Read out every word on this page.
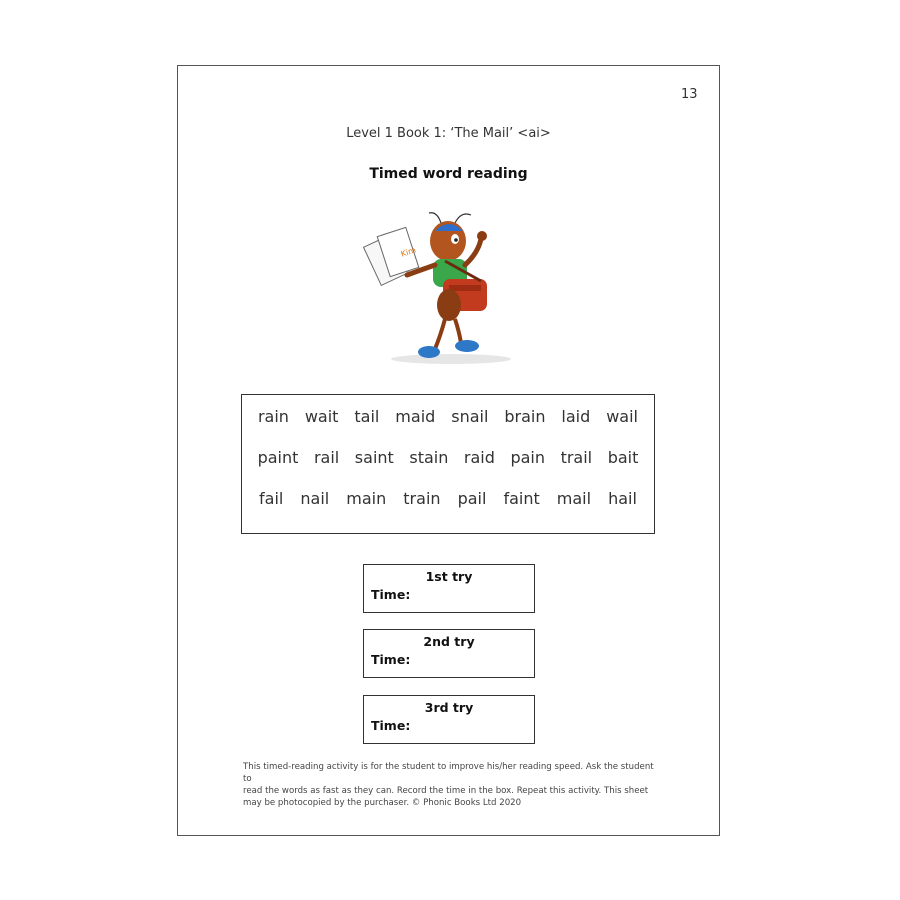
13
Level 1 Book 1: ‘The Mail’ <ai>
Timed word reading
Kim
rain wait tail maid snail brain laid wail
paint rail saint stain raid pain trail bait
fail nail main train pail faint mail hail
1st try
Time:
2nd try
Time:
3rd try
Time:
This timed-reading activity is for the student to improve his/her reading speed. Ask the student to
read the words as fast as they can. Record the time in the box. Repeat this activity. This sheet
may be photocopied by the purchaser. © Phonic Books Ltd 2020
